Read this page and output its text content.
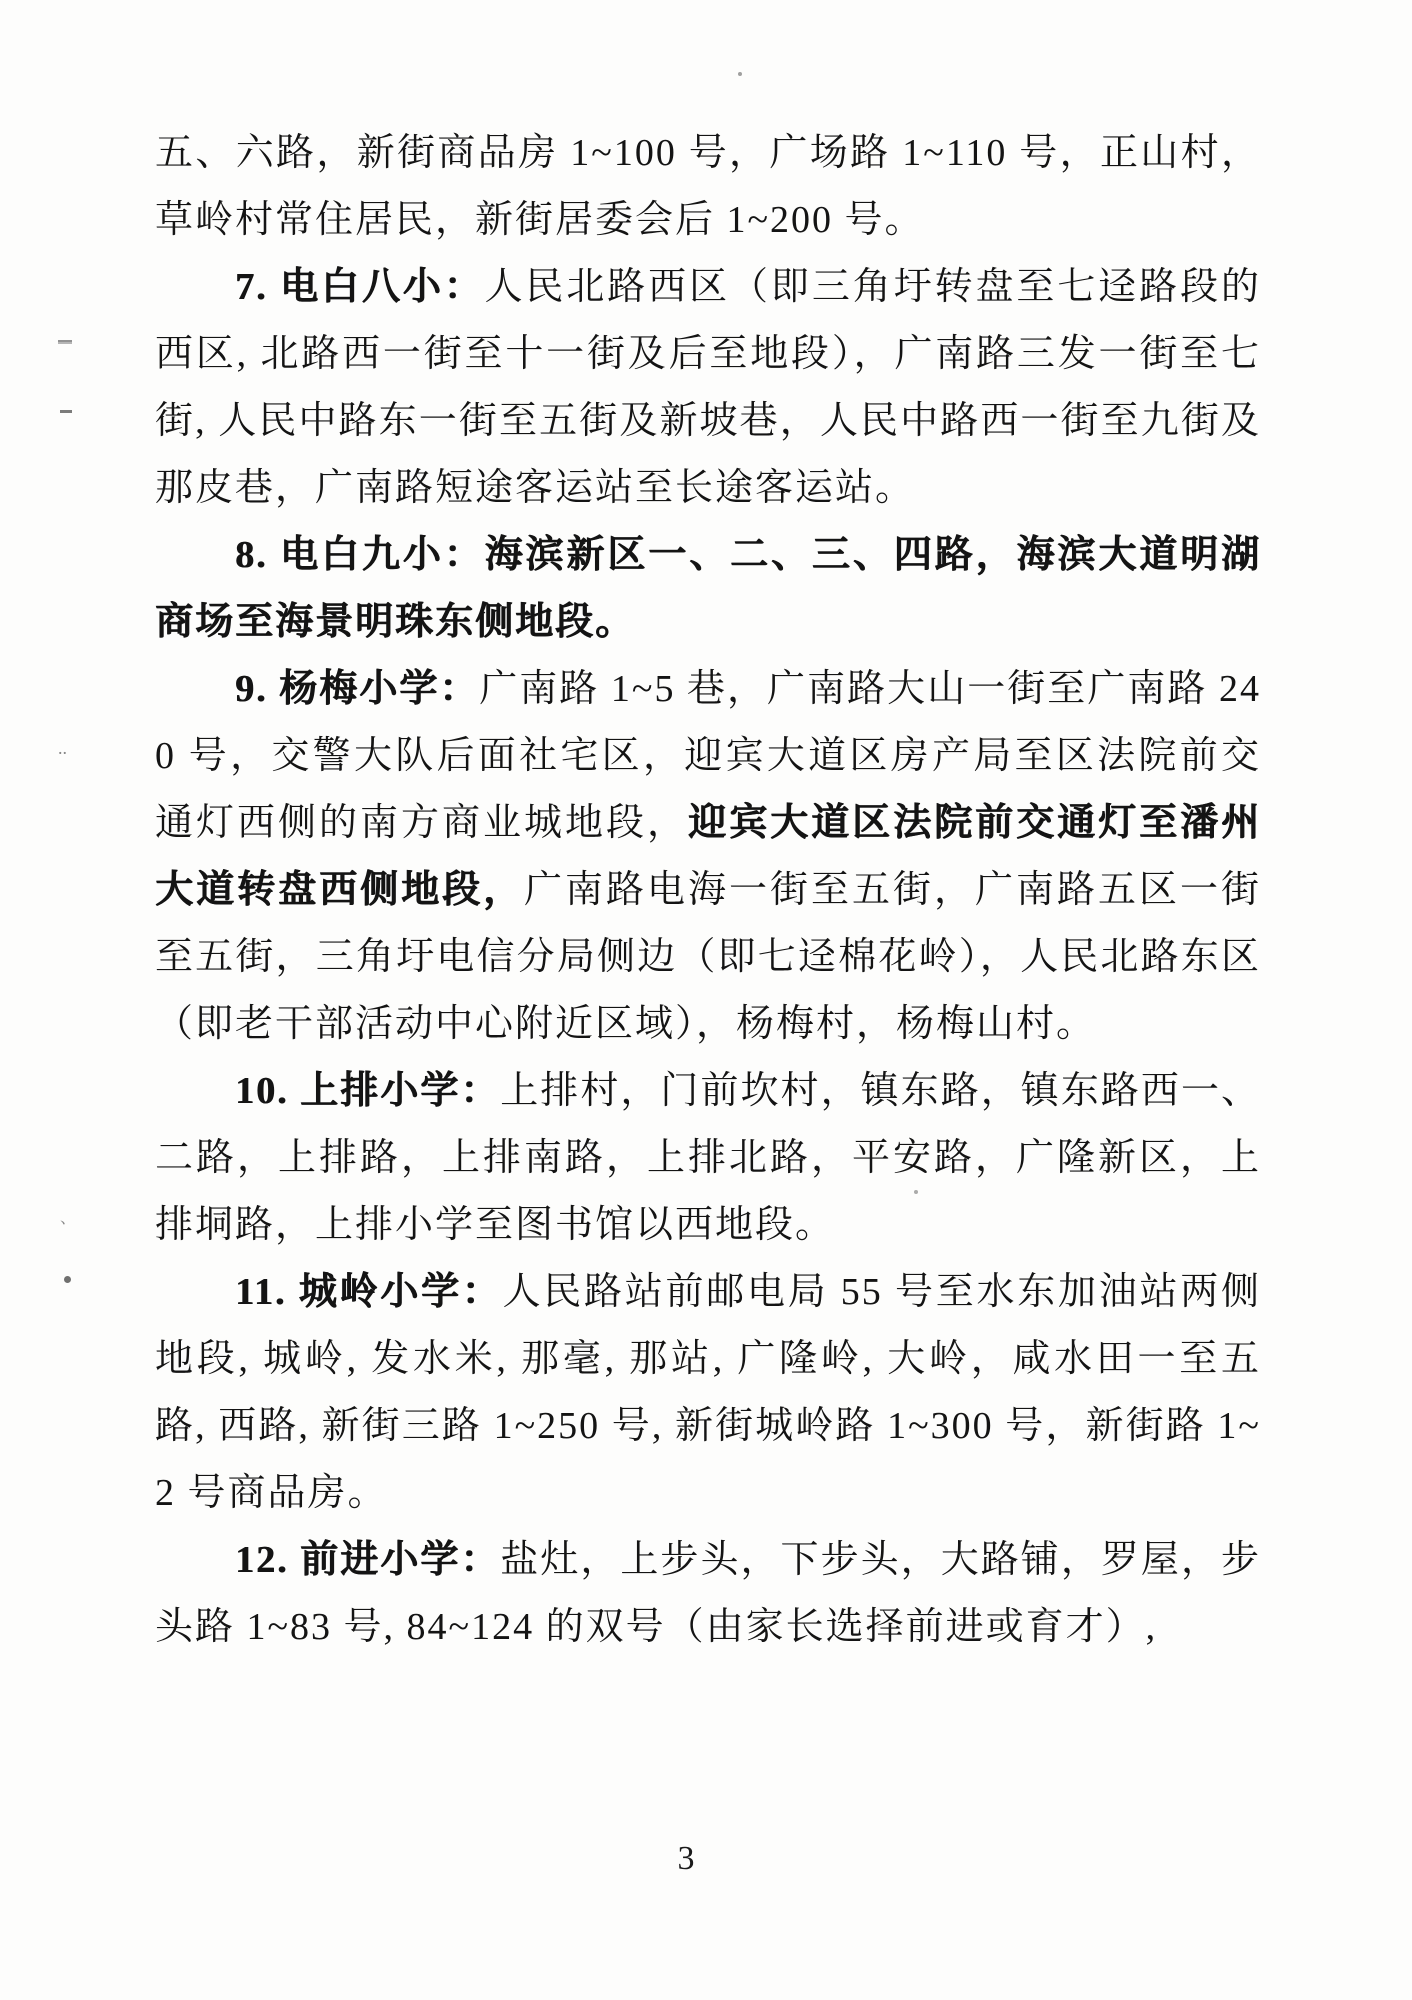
五、六路，新街商品房 1~100 号，广场路 1~110 号，正山村，草岭村常住居民，新街居委会后 1~200 号。

7. 电白八小：人民北路西区（即三角圩转盘至七迳路段的西区, 北路西一街至十一街及后至地段），广南路三发一街至七街, 人民中路东一街至五街及新坡巷，人民中路西一街至九街及那皮巷，广南路短途客运站至长途客运站。

8. 电白九小：海滨新区一、二、三、四路，海滨大道明湖商场至海景明珠东侧地段。

9. 杨梅小学：广南路 1~5 巷，广南路大山一街至广南路 240 号，交警大队后面社宅区，迎宾大道区房产局至区法院前交通灯西侧的南方商业城地段，迎宾大道区法院前交通灯至潘州大道转盘西侧地段，广南路电海一街至五街，广南路五区一街至五街，三角圩电信分局侧边（即七迳棉花岭），人民北路东区（即老干部活动中心附近区域），杨梅村，杨梅山村。

10. 上排小学：上排村，门前坎村，镇东路，镇东路西一、二路，上排路，上排南路，上排北路，平安路，广隆新区，上排垌路，上排小学至图书馆以西地段。

11. 城岭小学：人民路站前邮电局 55 号至水东加油站两侧地段, 城岭, 发水米, 那毫, 那站, 广隆岭, 大岭，咸水田一至五路, 西路, 新街三路 1~250 号, 新街城岭路 1~300 号，新街路 1~2 号商品房。

12. 前进小学：盐灶，上步头，下步头，大路铺，罗屋，步头路 1~83 号, 84~124 的双号（由家长选择前进或育才）,

3
..
、
